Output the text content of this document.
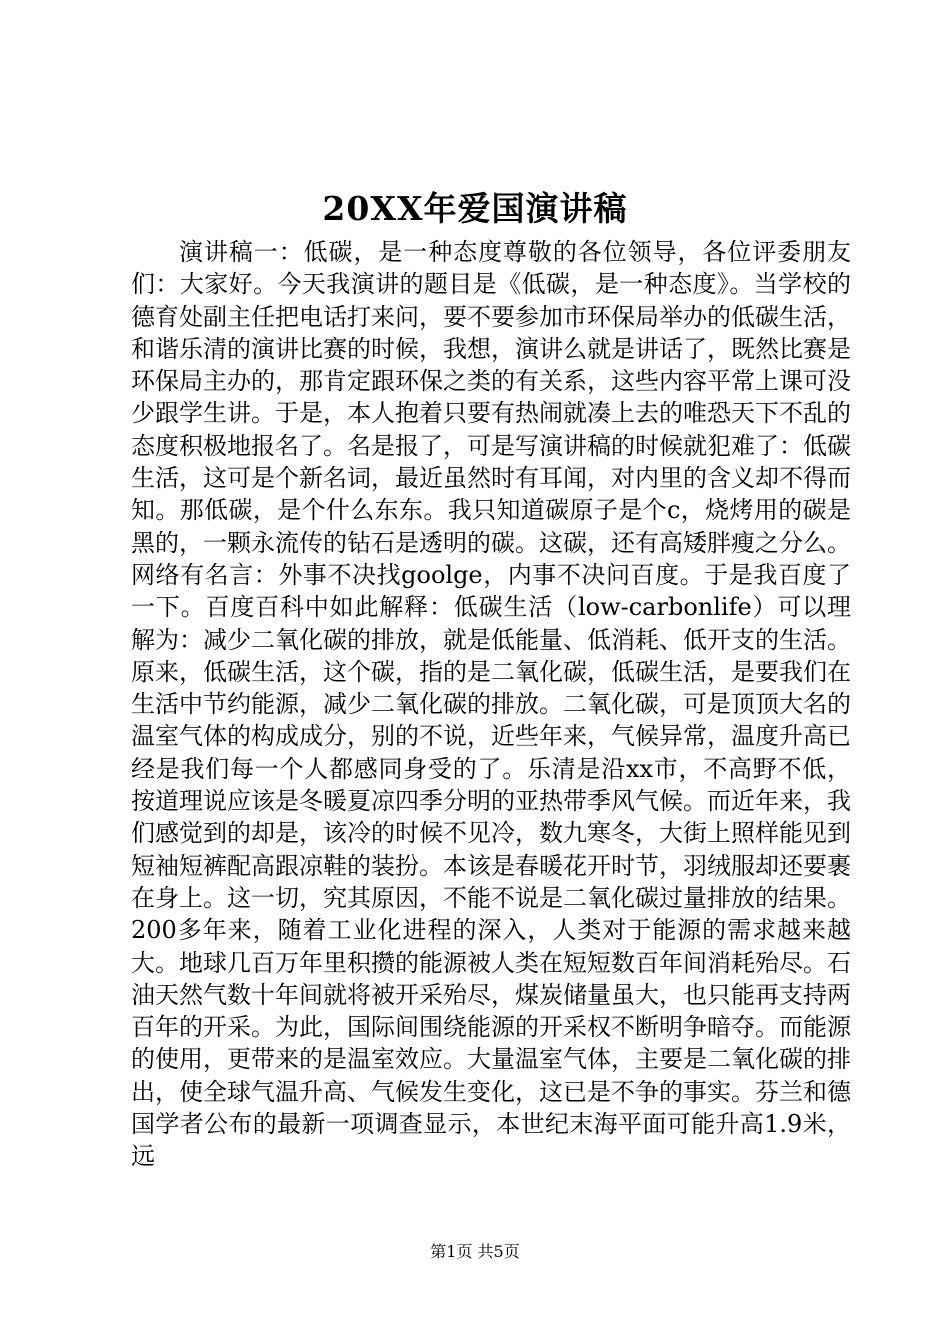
20XX年爱国演讲稿

演讲稿一：低碳，是一种态度尊敬的各位领导，各位评委朋友们：大家好。今天我演讲的题目是《低碳，是一种态度》。当学校的德育处副主任把电话打来问，要不要参加市环保局举办的低碳生活，和谐乐清的演讲比赛的时候，我想，演讲么就是讲话了，既然比赛是环保局主办的，那肯定跟环保之类的有关系，这些内容平常上课可没少跟学生讲。于是，本人抱着只要有热闹就凑上去的唯恐天下不乱的态度积极地报名了。名是报了，可是写演讲稿的时候就犯难了：低碳生活，这可是个新名词，最近虽然时有耳闻，对内里的含义却不得而知。那低碳，是个什么东东。我只知道碳原子是个c，烧烤用的碳是黑的，一颗永流传的钻石是透明的碳。这碳，还有高矮胖瘦之分么。网络有名言：外事不决找goolge，内事不决问百度。于是我百度了一下。百度百科中如此解释：低碳生活（low-carbonlife）可以理解为：减少二氧化碳的排放，就是低能量、低消耗、低开支的生活。原来，低碳生活，这个碳，指的是二氧化碳，低碳生活，是要我们在生活中节约能源，减少二氧化碳的排放。二氧化碳，可是顶顶大名的温室气体的构成成分，别的不说，近些年来，气候异常，温度升高已经是我们每一个人都感同身受的了。乐清是沿xx市，不高野不低，按道理说应该是冬暖夏凉四季分明的亚热带季风气候。而近年来，我们感觉到的却是，该冷的时候不见冷，数九寒冬，大街上照样能见到短袖短裤配高跟凉鞋的装扮。本该是春暖花开时节，羽绒服却还要裹在身上。这一切，究其原因，不能不说是二氧化碳过量排放的结果。200多年来，随着工业化进程的深入，人类对于能源的需求越来越大。地球几百万年里积攒的能源被人类在短短数百年间消耗殆尽。石油天然气数十年间就将被开采殆尽，煤炭储量虽大，也只能再支持两百年的开采。为此，国际间围绕能源的开采权不断明争暗夺。而能源的使用，更带来的是温室效应。大量温室气体，主要是二氧化碳的排出，使全球气温升高、气候发生变化，这已是不争的事实。芬兰和德国学者公布的最新一项调查显示，本世纪末海平面可能升高1.9米，远

第1页 共5页
